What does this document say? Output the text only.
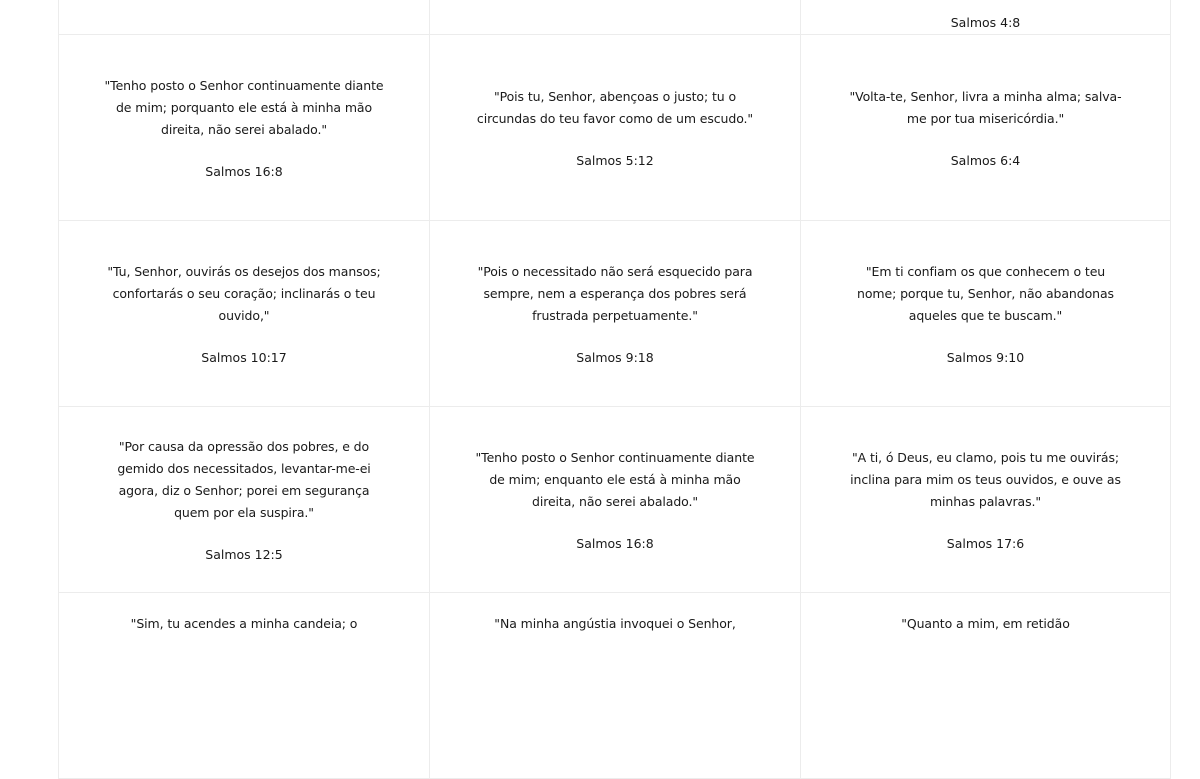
Salmos 4:8
"Tenho posto o Senhor continuamente diante de mim; porquanto ele está à minha mão direita, não serei abalado."
Salmos 16:8
"Pois tu, Senhor, abençoas o justo; tu o circundas do teu favor como de um escudo."
Salmos 5:12
"Volta-te, Senhor, livra a minha alma; salva-me por tua misericórdia."
Salmos 6:4
"Tu, Senhor, ouvirás os desejos dos mansos; confortarás o seu coração; inclinarás o teu ouvido,"
Salmos 10:17
"Pois o necessitado não será esquecido para sempre, nem a esperança dos pobres será frustrada perpetuamente."
Salmos 9:18
"Em ti confiam os que conhecem o teu nome; porque tu, Senhor, não abandonas aqueles que te buscam."
Salmos 9:10
"Por causa da opressão dos pobres, e do gemido dos necessitados, levantar-me-ei agora, diz o Senhor; porei em segurança quem por ela suspira."
Salmos 12:5
"Tenho posto o Senhor continuamente diante de mim; enquanto ele está à minha mão direita, não serei abalado."
Salmos 16:8
"A ti, ó Deus, eu clamo, pois tu me ouvirás; inclina para mim os teus ouvidos, e ouve as minhas palavras."
Salmos 17:6
"Sim, tu acendes a minha candeia; o	"Na minha angústia invoquei o Senhor,	"Quanto a mim, em retidão
